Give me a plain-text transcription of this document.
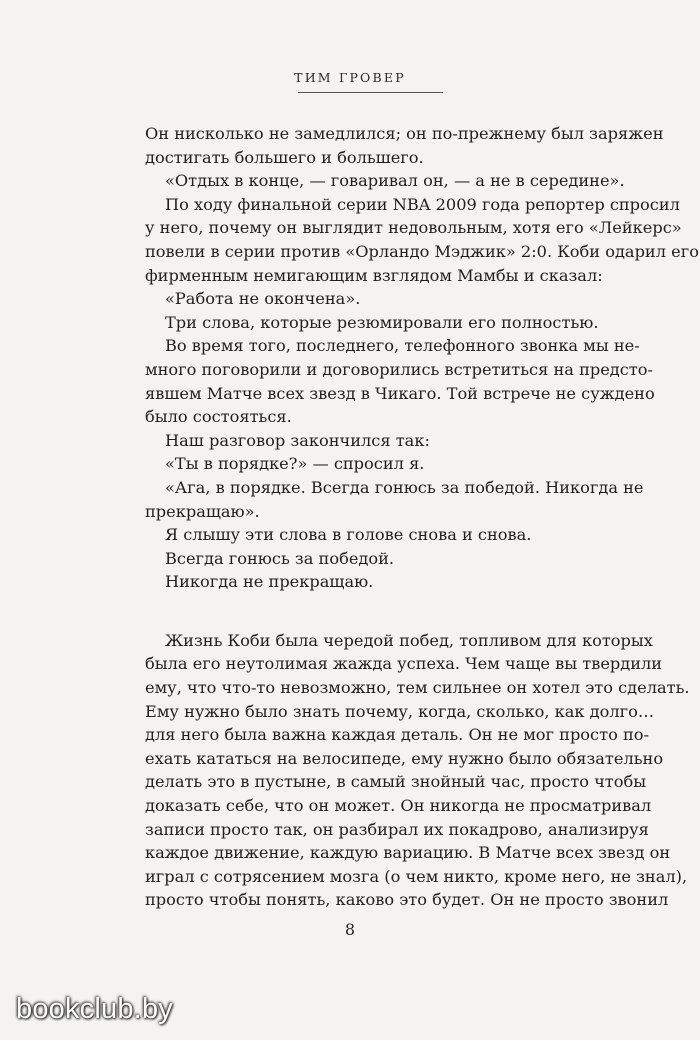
ТИМ ГРОВЕР
Он нисколько не замедлился; он по-прежнему был заряжен
достигать большего и большего.
«Отдых в конце, — говаривал он, — а не в середине».
По ходу финальной серии NBA 2009 года репортер спросил
у него, почему он выглядит недовольным, хотя его «Лейкерс»
повели в серии против «Орландо Мэджик» 2:0. Коби одарил его
фирменным немигающим взглядом Мамбы и сказал:
«Работа не окончена».
Три слова, которые резюмировали его полностью.
Во время того, последнего, телефонного звонка мы не-
много поговорили и договорились встретиться на предсто-
явшем Матче всех звезд в Чикаго. Той встрече не суждено
было состояться.
Наш разговор закончился так:
«Ты в порядке?» — спросил я.
«Ага, в порядке. Всегда гонюсь за победой. Никогда не
прекращаю».
Я слышу эти слова в голове снова и снова.
Всегда гонюсь за победой.
Никогда не прекращаю.
Жизнь Коби была чередой побед, топливом для которых
была его неутолимая жажда успеха. Чем чаще вы твердили
ему, что что-то невозможно, тем сильнее он хотел это сделать.
Ему нужно было знать почему, когда, сколько, как долго…
для него была важна каждая деталь. Он не мог просто по-
ехать кататься на велосипеде, ему нужно было обязательно
делать это в пустыне, в самый знойный час, просто чтобы
доказать себе, что он может. Он никогда не просматривал
записи просто так, он разбирал их покадрово, анализируя
каждое движение, каждую вариацию. В Матче всех звезд он
играл с сотрясением мозга (о чем никто, кроме него, не знал),
просто чтобы понять, каково это будет. Он не просто звонил
8
bookclub.by
